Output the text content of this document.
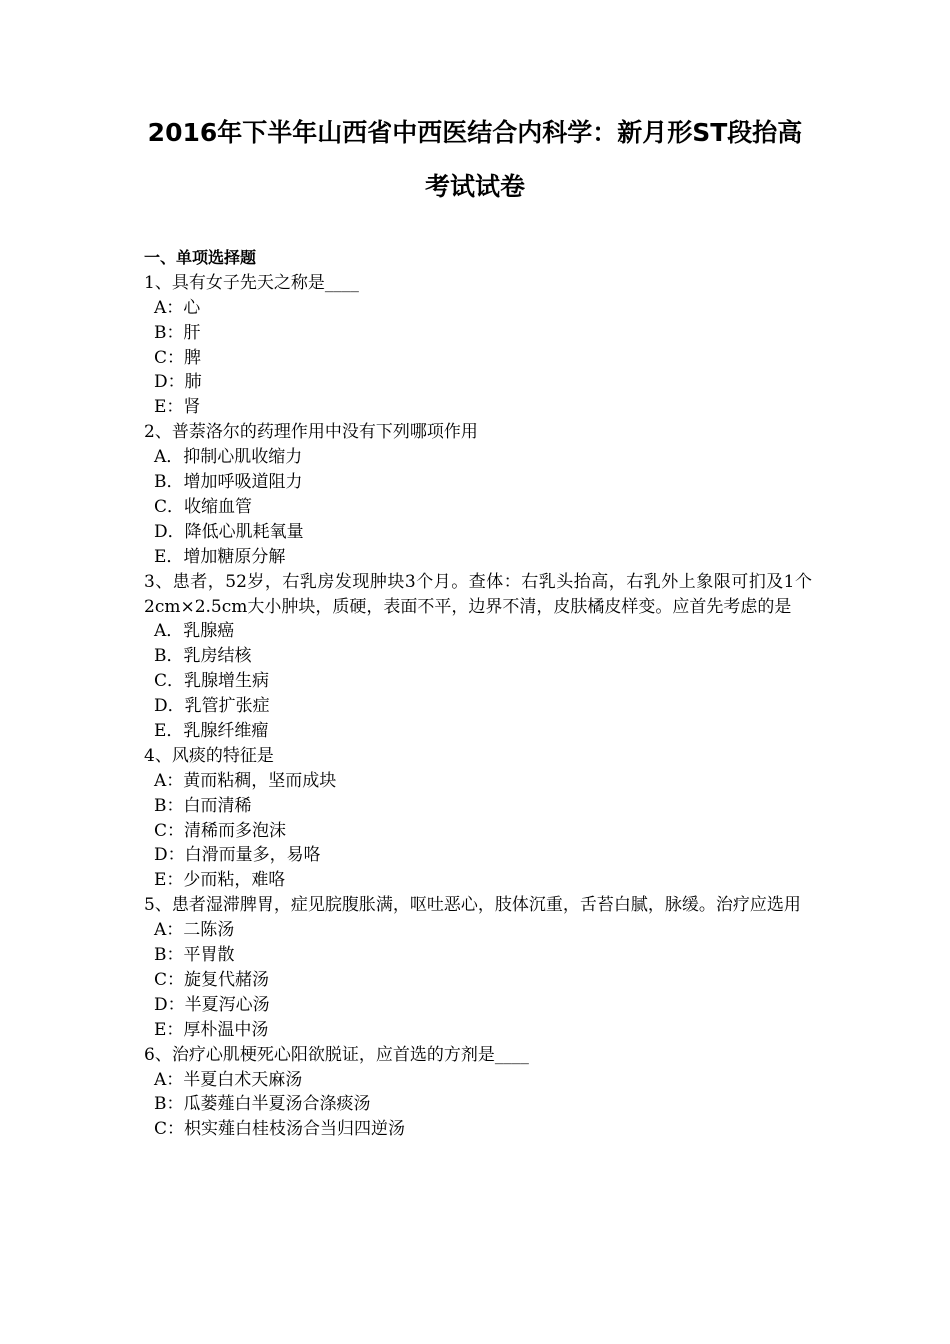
2016年下半年山西省中西医结合内科学：新月形ST段抬高
考试试卷
一、单项选择题
1、具有女子先天之称是____
A：心
B：肝
C：脾
D：肺
E：肾
2、普萘洛尔的药理作用中没有下列哪项作用
A．抑制心肌收缩力
B．增加呼吸道阻力
C．收缩血管
D．降低心肌耗氧量
E．增加糖原分解
3、患者，52岁，右乳房发现肿块3个月。查体：右乳头抬高，右乳外上象限可扪及1个2cm×2.5cm大小肿块，质硬，表面不平，边界不清，皮肤橘皮样变。应首先考虑的是
A．乳腺癌
B．乳房结核
C．乳腺增生病
D．乳管扩张症
E．乳腺纤维瘤
4、风痰的特征是
A：黄而粘稠，坚而成块
B：白而清稀
C：清稀而多泡沫
D：白滑而量多，易咯
E：少而粘，难咯
5、患者湿滞脾胃，症见脘腹胀满，呕吐恶心，肢体沉重，舌苔白腻，脉缓。治疗应选用
A：二陈汤
B：平胃散
C：旋复代赭汤
D：半夏泻心汤
E：厚朴温中汤
6、治疗心肌梗死心阳欲脱证，应首选的方剂是____
A：半夏白术天麻汤
B：瓜蒌薤白半夏汤合涤痰汤
C：枳实薤白桂枝汤合当归四逆汤
